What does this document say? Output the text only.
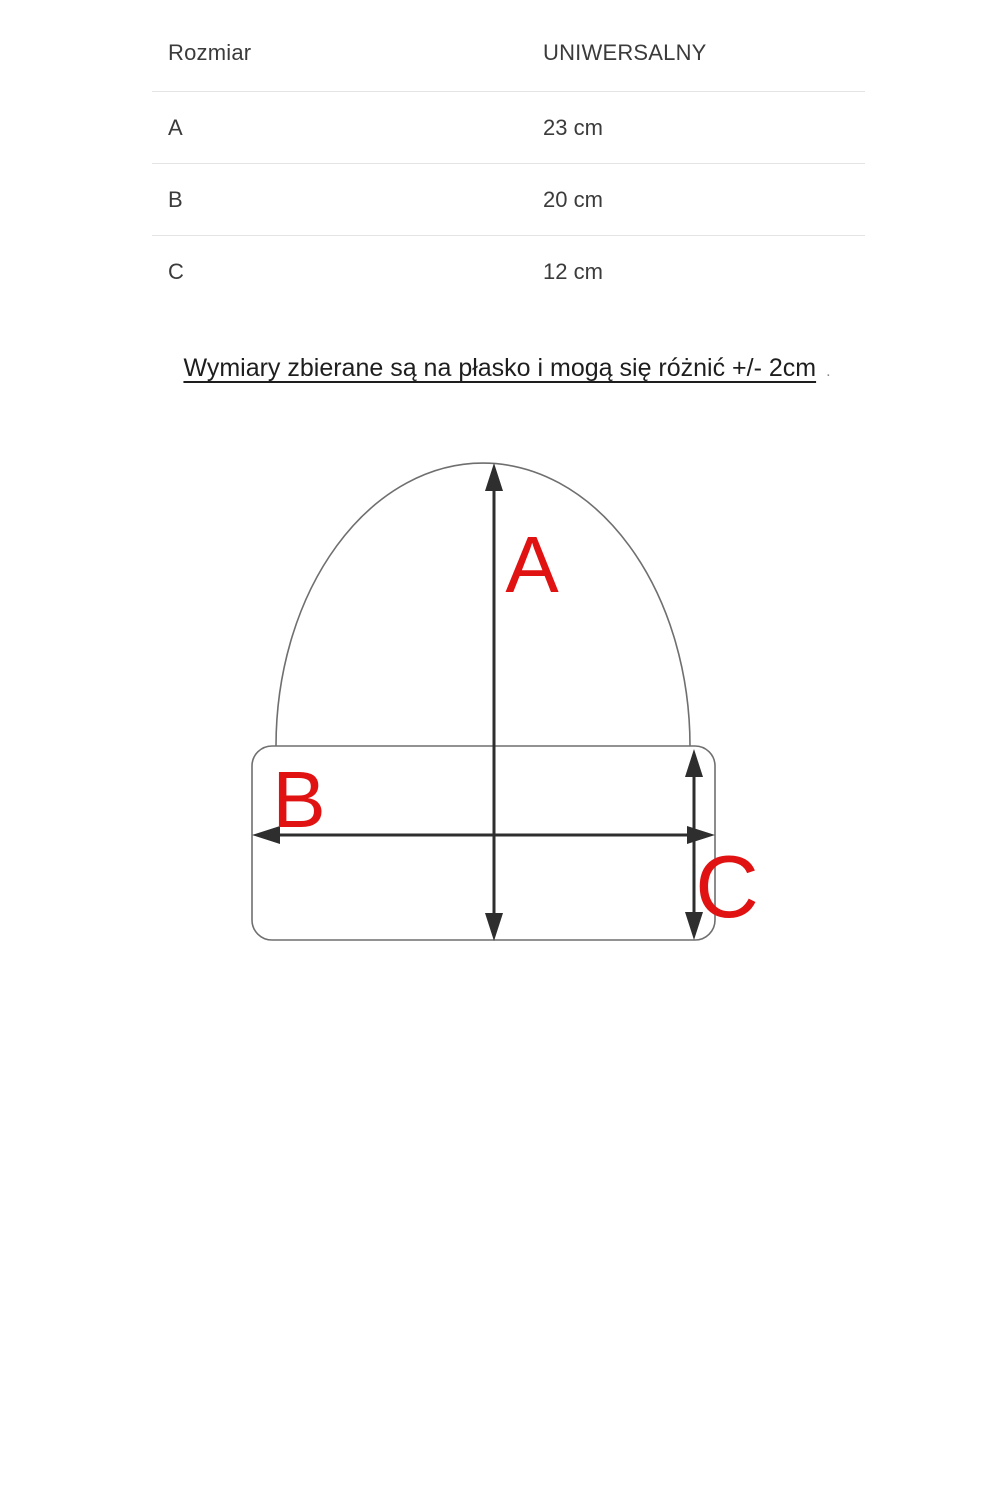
Rozmiar	UNIWERSALNY
A	23 cm
B	20 cm
C	12 cm
Wymiary zbierane są na płasko i mogą się różnić +/- 2cm .
A
B
C
